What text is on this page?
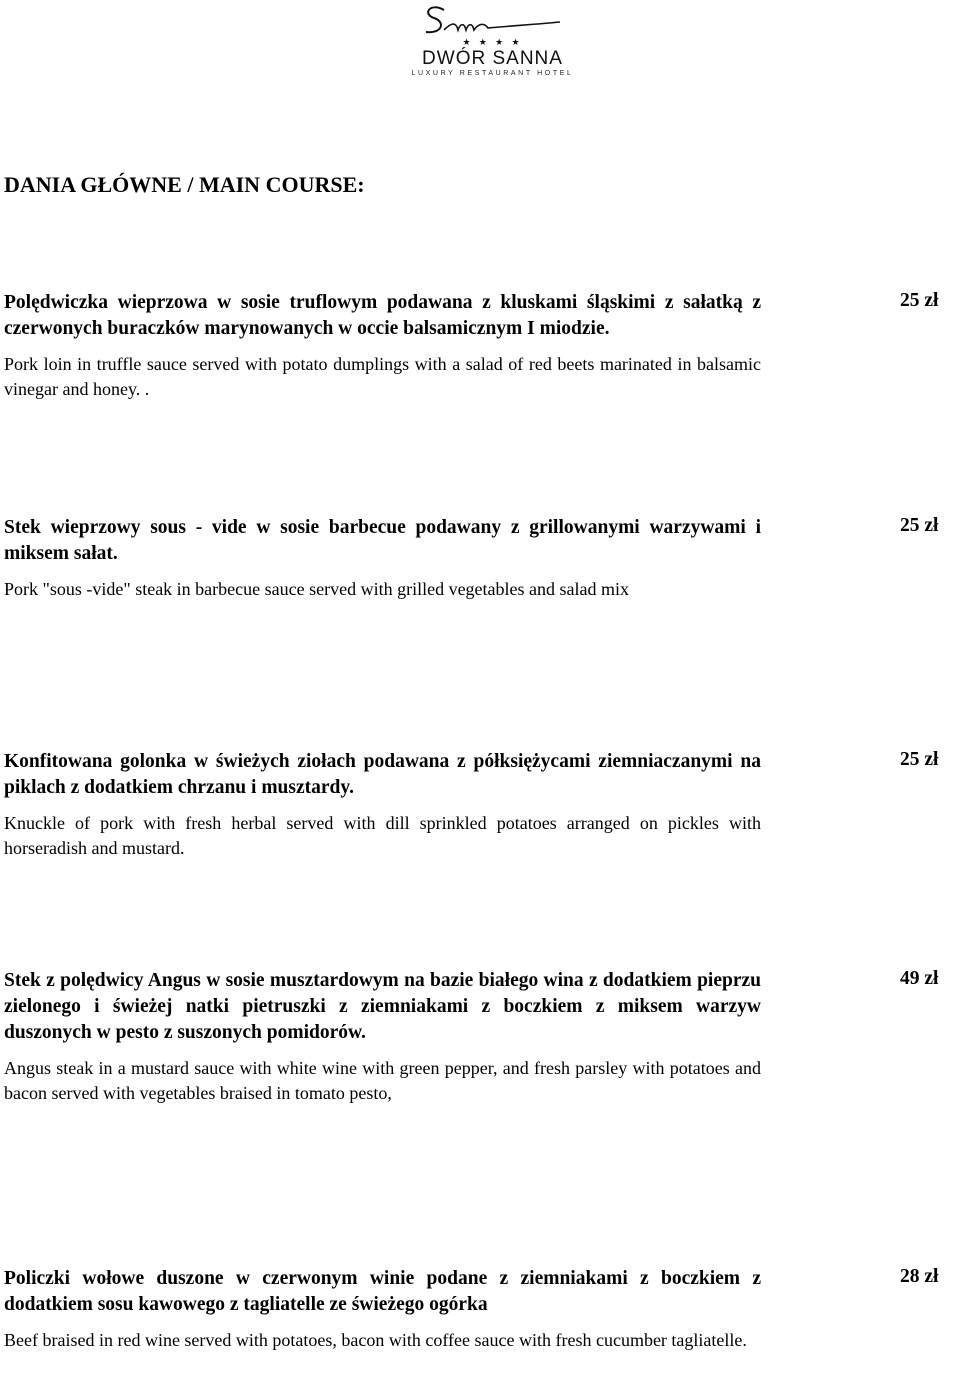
Sanna
★ ★ ★ ★
DWÓR SANNA
LUXURY RESTAURANT HOTEL
DANIA GŁÓWNE / MAIN COURSE:
Polędwiczka wieprzowa w sosie truflowym podawana z kluskami śląskimi z sałatką z czerwonych buraczków marynowanych w occie balsamicznym I miodzie.
Pork loin in truffle sauce served with potato dumplings with a salad of red beets marinated in balsamic vinegar and honey. .
25 zł
Stek wieprzowy sous - vide w sosie barbecue podawany z grillowanymi warzywami i miksem sałat.
Pork "sous -vide" steak in barbecue sauce served with grilled vegetables and salad mix
25 zł
Konfitowana golonka w świeżych ziołach podawana z półksiężycami ziemniaczanymi na piklach z dodatkiem chrzanu i musztardy.
Knuckle of pork with fresh herbal served with dill sprinkled potatoes arranged on pickles with horseradish and mustard.
25 zł
Stek z polędwicy Angus w sosie musztardowym na bazie białego wina z dodatkiem pieprzu zielonego i świeżej natki pietruszki z ziemniakami z boczkiem z miksem warzyw duszonych w pesto z suszonych pomidorów.
Angus steak in a mustard sauce with white wine with green pepper, and fresh parsley with potatoes and bacon served with vegetables braised in tomato pesto,
49 zł
Policzki wołowe duszone w czerwonym winie podane z ziemniakami z boczkiem z dodatkiem sosu kawowego z tagliatelle ze świeżego ogórka
Beef braised in red wine served with potatoes, bacon with coffee sauce with fresh cucumber tagliatelle.
28 zł
